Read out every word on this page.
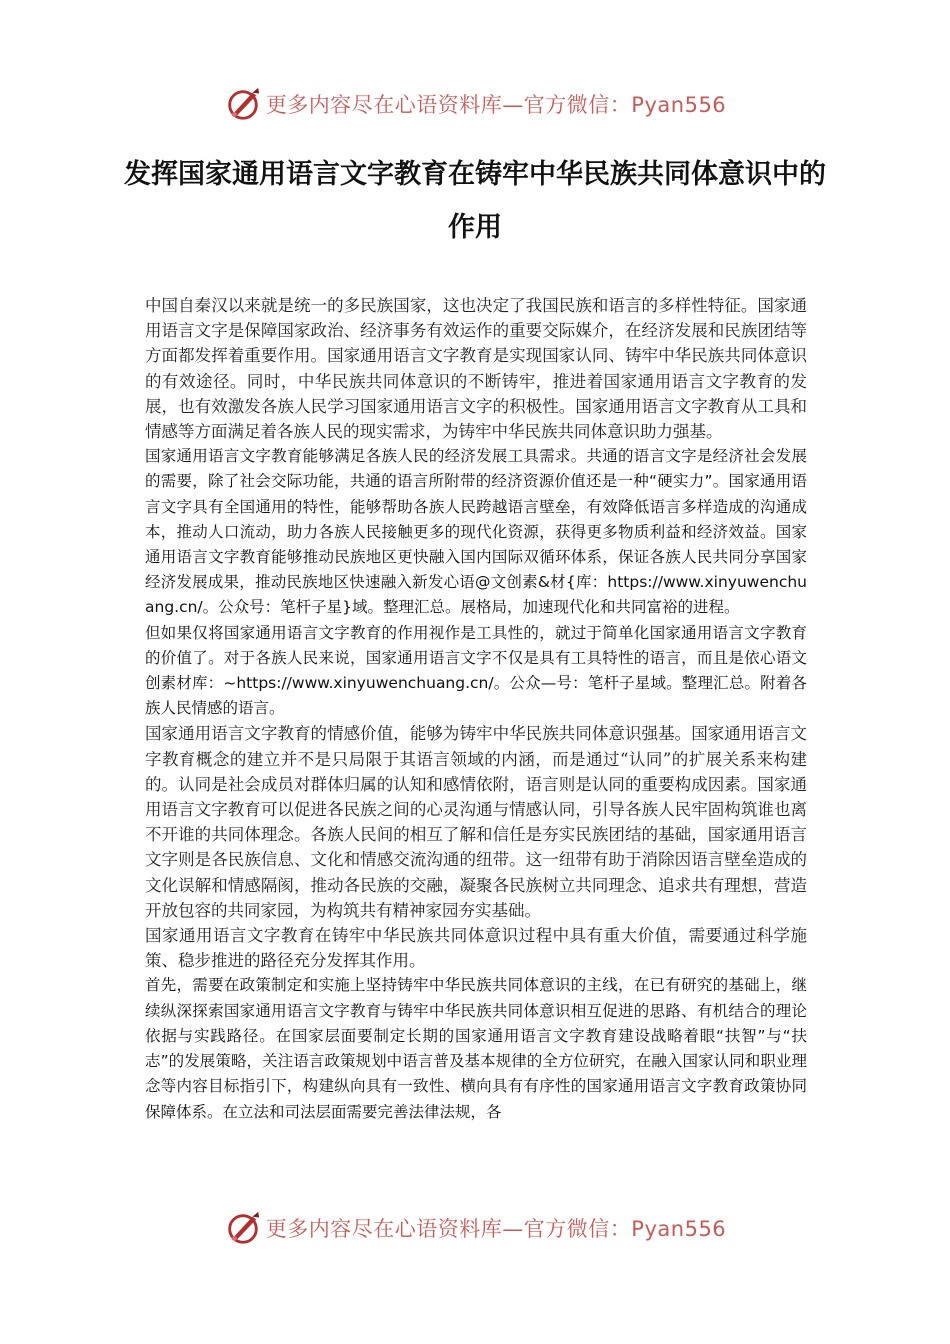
更多内容尽在心语资料库—官方微信：Pyan556
发挥国家通用语言文字教育在铸牢中华民族共同体意识中的作用

中国自秦汉以来就是统一的多民族国家，这也决定了我国民族和语言的多样性特征。国家通用语言文字是保障国家政治、经济事务有效运作的重要交际媒介，在经济发展和民族团结等方面都发挥着重要作用。国家通用语言文字教育是实现国家认同、铸牢中华民族共同体意识的有效途径。同时，中华民族共同体意识的不断铸牢，推进着国家通用语言文字教育的发展，也有效激发各族人民学习国家通用语言文字的积极性。国家通用语言文字教育从工具和情感等方面满足着各族人民的现实需求，为铸牢中华民族共同体意识助力强基。

国家通用语言文字教育能够满足各族人民的经济发展工具需求。共通的语言文字是经济社会发展的需要，除了社会交际功能，共通的语言所附带的经济资源价值还是一种“硬实力”。国家通用语言文字具有全国通用的特性，能够帮助各族人民跨越语言壁垒，有效降低语言多样造成的沟通成本，推动人口流动，助力各族人民接触更多的现代化资源，获得更多物质利益和经济效益。国家通用语言文字教育能够推动民族地区更快融入国内国际双循环体系，保证各族人民共同分享国家经济发展成果，推动民族地区快速融入新发心语@文创素&材{库：https://www.xinyuwenchuang.cn/。公众号：笔杆子星}域。整理汇总。展格局，加速现代化和共同富裕的进程。

但如果仅将国家通用语言文字教育的作用视作是工具性的，就过于简单化国家通用语言文字教育的价值了。对于各族人民来说，国家通用语言文字不仅是具有工具特性的语言，而且是依心语文创素材库：~https://www.xinyuwenchuang.cn/。公众—号：笔杆子星域。整理汇总。附着各族人民情感的语言。

国家通用语言文字教育的情感价值，能够为铸牢中华民族共同体意识强基。国家通用语言文字教育概念的建立并不是只局限于其语言领域的内涵，而是通过“认同”的扩展关系来构建的。认同是社会成员对群体归属的认知和感情依附，语言则是认同的重要构成因素。国家通用语言文字教育可以促进各民族之间的心灵沟通与情感认同，引导各族人民牢固构筑谁也离不开谁的共同体理念。各族人民间的相互了解和信任是夯实民族团结的基础，国家通用语言文字则是各民族信息、文化和情感交流沟通的纽带。这一纽带有助于消除因语言壁垒造成的文化误解和情感隔阂，推动各民族的交融，凝聚各民族树立共同理念、追求共有理想，营造开放包容的共同家园，为构筑共有精神家园夯实基础。

国家通用语言文字教育在铸牢中华民族共同体意识过程中具有重大价值，需要通过科学施策、稳步推进的路径充分发挥其作用。

首先，需要在政策制定和实施上坚持铸牢中华民族共同体意识的主线，在已有研究的基础上，继续纵深探索国家通用语言文字教育与铸牢中华民族共同体意识相互促进的思路、有机结合的理论依据与实践路径。在国家层面要制定长期的国家通用语言文字教育建设战略着眼“扶智”与“扶志”的发展策略，关注语言政策规划中语言普及基本规律的全方位研究，在融入国家认同和职业理念等内容目标指引下，构建纵向具有一致性、横向具有有序性的国家通用语言文字教育政策协同保障体系。在立法和司法层面需要完善法律法规，各

更多内容尽在心语资料库—官方微信：Pyan556
